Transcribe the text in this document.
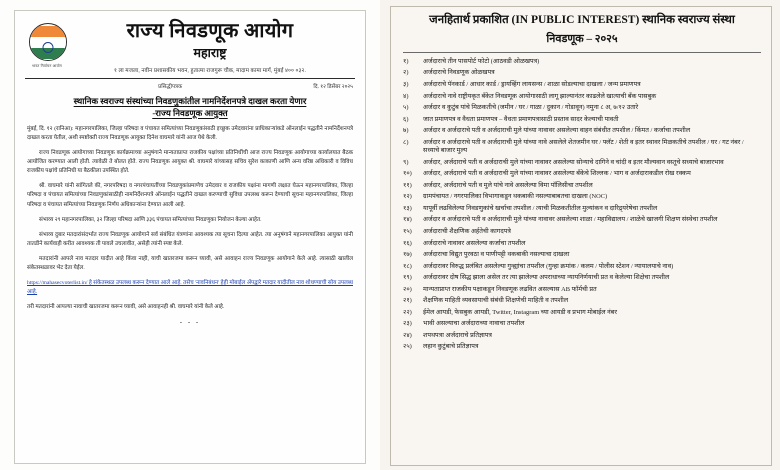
भारत निर्वाचन आयोग
राज्य निवडणूक आयोग
महाराष्ट्र
१ ला मजला, नवीन प्रशासकीय भवन, हुतात्मा राजगुरू चौक, मादाम कामा मार्ग, मुंबई ४०० ०३२.
प्रसिद्धीपत्रक	दि. १२ डिसेंबर २०२५
स्थानिक स्वराज्य संस्थांच्या निवडणुकांतील नामनिर्देशनपत्रे दाखल करता येणार
-राज्य निवडणूक आयुक्त

मुंबई, दि. १२ (रानिआ): महानगरपालिका, जिल्हा परिषदा व पंचायत समित्यांच्या निवडणुकांसाठी इच्छुक उमेदवारांना प्राधिकाऱ्यांकडे ऑनलाईन पद्धतीने नामनिर्देशनपत्रे दाखल करता येतील, अशी स्पष्टोक्ती राज्य निवडणूक आयुक्त दिनेश वाघमारे यांनी आज येथे केली.

राज्य निवडणूक आयोगाच्या निवडणूक कार्यक्रमाच्या अनुषंगाने मान्यताप्राप्त राजकीय पक्षांच्या प्रतिनिधींची आज राज्य निवडणूक आयोगाच्या कार्यालयात बैठक आयोजित करण्यात आली होती. त्यावेळी ते बोलत होते. राज्य निवडणूक आयुक्त श्री. वाघमारे यांच्यासह सचिव सुरेश काकाणी आणि अन्य वरिष्ठ अधिकारी व विविध राजकीय पक्षांचे प्रतिनिधी या बैठकीला उपस्थित होते.

श्री. वाघमारे यांनी सांगितले की, नगरपरिषदा व नगरपंचायतींच्या निवडणुकांप्रमाणेच उमेदवार व राजकीय पक्षांना मागणी लक्षात घेऊन महानगरपालिका, जिल्हा परिषदा व पंचायत समित्यांच्या निवडणुकांसाठीही नामनिर्देशनपत्रे ऑनलाईन पद्धतीने दाखल करण्याची सुविधा उपलब्ध करून देण्याची सूचना महानगरपालिका, जिल्हा परिषदा व पंचायत समित्यांच्या निवडणूक निर्णय अधिकाऱ्यांना देण्यात आली आहे.

संभाव्य २९ महानगरपालिका, ३२ जिल्हा परिषदा आणि ३३६ पंचायत समित्यांच्या निवडणुका नियोजन केल्या आहेत.

संभाव्य दुबार मतदारांसंदर्भात राज्य निवडणूक आयोगाने सर्व संबंधित यंत्रणांना आवश्यक त्या सूचना दिल्या आहेत. त्या अनुषंगाने महानगरपालिका आयुक्त यांनी तातडीने कार्यवाही करीत आवश्यक ती पावले उचलावीत, असेही त्यांनी स्पष्ट केले.

मतदारांनी आपले नाव मतदार यादीत आहे किंवा नाही, याची खातरजमा करून घ्यावी, असे आवाहन राज्य निवडणूक आयोगाने केले आहे. त्यासाठी खालील संकेतस्थळावर भेट देता येईल.

https://mahasecvoterlist.in/ हे संकेतस्थळ उपलब्ध करून देण्यात आले आहे. तसेच 'नावनिबंधन' हेही मोबाईल ॲपद्वारे मतदार यादीतील नाव शोधण्याची सोय उपलब्ध आहे.

तरी मतदारांनी आपल्या नावाची खातरजमा करून घ्यावी, असे आवाहनही श्री. वाघमारे यांनी केले आहे.

- - -
जनहितार्थ प्रकाशित (IN PUBLIC INTEREST) स्थानिक स्वराज्य संस्था
निवडणूक – २०२५
१)	अर्जदाराचे तीन पासपोर्ट फोटो (आठवडी ओळखपत्र)
२)	अर्जदाराचे निवडणूक ओळखपत्र
३)	अर्जदाराचे पॅनकार्ड / आधार कार्ड / ड्रायव्हिंग लायसन्स / शाळा सोडल्याचा दाखला / जन्म प्रमाणपत्र
४)	अर्जदाराचे नावे राष्ट्रीयकृत बँकेत निवडणूक आयोगासाठी लागू झाल्यानंतर काढलेले खात्याची बँक पासबुक
५)	अर्जदार व कुटुंब यांचे मिळकतीचे (जमीन / घर / गाळा / दुकान / गोडावून) नमुना ८ अ, ७/१२ उतारे
६)	जात प्रमाणपत्र व वैधता प्रमाणपत्र – वैधता प्रमाणपत्रासाठी प्रस्ताव सादर केल्याची पावती
७)	अर्जदार व अर्जदाराचे पती व अर्जदाराची मुले यांच्या नावावर असलेल्या वाहन संबंधीत तपशील / किंमत / कर्जाचा तपशील
८)	अर्जदार व अर्जदाराचे पती व अर्जदाराची मुले यांच्या नावे असलेले शेतजमीन घर / फ्लॅट / शेती व इतर स्थावर मिळकतीचे तपशील / घर / गट नंबर / सध्याचे बाजार मुल्य
९)	अर्जदार, अर्जदाराचे पती व अर्जदाराची मुले यांच्या नावावर असलेल्या सोन्याचे दागिने व चांदी व इतर मौल्यवान वस्तूचे सध्याचे बाजारभाव
१०)	अर्जदार, अर्जदाराचे पती व अर्जदाराची मुले यांच्या नावावर असलेल्या बँकेचे शिल्लक / भाग व अर्जदाराकडील रोख रक्कम
११)	अर्जदार, अर्जदाराचे पती व मुले यांचे नावे असलेल्या विमा पॉलिसीचा तपशील
१२)	ग्रामपंचायत / नगरपालिका विभागाकडून थकबाकी नसल्याबाबतचा दाखला (NOC)
१३)	यापूर्वी लढविलेल्या निवडणुकांचे खर्चाचा तपशील / त्याची मिळकतीतील मुल्यांकन व दारिद्र्यरेषेचा तपशील
१४)	अर्जदार व अर्जदाराचे पती व अर्जदाराची मुले यांच्या नावावर असलेल्या शाळा / महाविद्यालय / शाळेचे खाजगी शिक्षण संस्थेचा तपशील
१५)	अर्जदाराची शैक्षणिक अर्हतेची कागदपत्रे
१६)	अर्जदाराचे नावावर असलेल्या कर्जाचा तपशील
१७)	अर्जदाराचा विद्युत पुरवठा व पाणीपट्टी थकबाकी नसल्याचा दाखला
१८)	अर्जदारावर विरुद्ध प्रलंबित असलेल्या गुन्ह्यांचा तपशील (गुन्हा क्रमांक / कलम / पोलीस स्टेशन / न्यायालयाचे नाव)
१९)	अर्जदारावर दोष सिद्ध झाला असेल तर त्या झालेल्या अपराधाच्या न्यायनिर्णयाची प्रत व केलेल्या शिक्षेचा तपशील
२०)	मान्यताप्राप्त राजकीय पक्षाकडून निवडणूक लढवित असल्यास AB फॉर्मची प्रत
२१)	शैक्षणिक माहिती व्यवसायाची संबंधी शिक्षणेची माहिती व तपशील
२२)	ईमेल आयडी, फेसबुक आयडी, Twitter, Instagram च्या आयडी व प्रभाग मोबाईल नंबर
२३)	भावी असल्याचा अर्जदाराच्या नावाचा तपशील
२४)	शपथपत्रा अर्जदाराचे प्रतिज्ञापत्र
२५)	लहान कुटुंबाचे प्रतिज्ञापत्र
